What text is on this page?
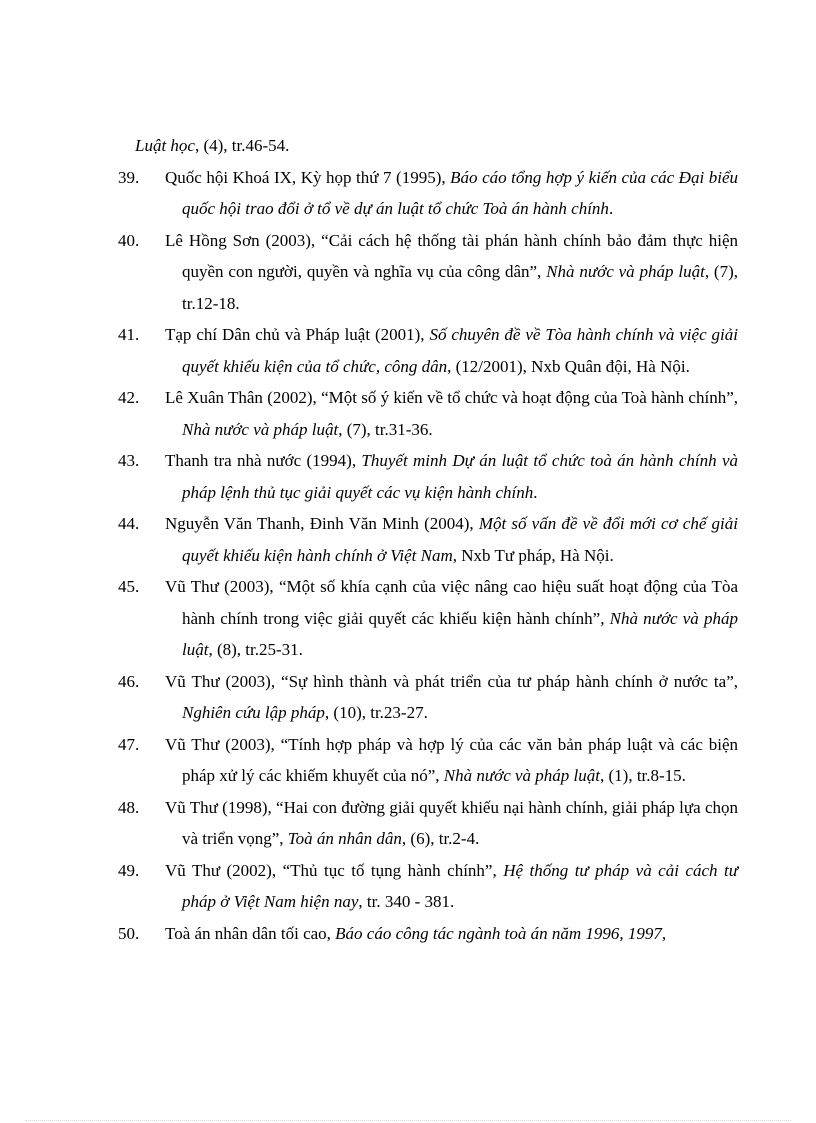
Luật học, (4), tr.46-54.
39. Quốc hội Khoá IX, Kỳ họp thứ 7 (1995), Báo cáo tổng hợp ý kiến của các Đại biểu quốc hội trao đổi ở tổ về dự án luật tổ chức Toà án hành chính.
40. Lê Hồng Sơn (2003), “Cải cách hệ thống tài phán hành chính bảo đảm thực hiện quyền con người, quyền và nghĩa vụ của công dân”, Nhà nước và pháp luật, (7), tr.12-18.
41. Tạp chí Dân chủ và Pháp luật (2001), Số chuyên đề về Tòa hành chính và việc giải quyết khiếu kiện của tổ chức, công dân, (12/2001), Nxb Quân đội, Hà Nội.
42. Lê Xuân Thân (2002), “Một số ý kiến về tổ chức và hoạt động của Toà hành chính”, Nhà nước và pháp luật, (7), tr.31-36.
43. Thanh tra nhà nước (1994), Thuyết minh Dự án luật tổ chức toà án hành chính và pháp lệnh thủ tục giải quyết các vụ kiện hành chính.
44. Nguyễn Văn Thanh, Đinh Văn Minh (2004), Một số vấn đề về đổi mới cơ chế giải quyết khiếu kiện hành chính ở Việt Nam, Nxb Tư pháp, Hà Nội.
45. Vũ Thư (2003), “Một số khía cạnh của việc nâng cao hiệu suất hoạt động của Tòa hành chính trong việc giải quyết các khiếu kiện hành chính”, Nhà nước và pháp luật, (8), tr.25-31.
46. Vũ Thư (2003), “Sự hình thành và phát triển của tư pháp hành chính ở nước ta”, Nghiên cứu lập pháp, (10), tr.23-27.
47. Vũ Thư (2003), “Tính hợp pháp và hợp lý của các văn bản pháp luật và các biện pháp xử lý các khiếm khuyết của nó”, Nhà nước và pháp luật, (1), tr.8-15.
48. Vũ Thư (1998), “Hai con đường giải quyết khiếu nại hành chính, giải pháp lựa chọn và triển vọng”, Toà án nhân dân, (6), tr.2-4.
49. Vũ Thư (2002), “Thủ tục tố tụng hành chính”, Hệ thống tư pháp và cải cách tư pháp ở Việt Nam hiện nay, tr. 340 - 381.
50. Toà án nhân dân tối cao, Báo cáo công tác ngành toà án năm 1996, 1997,
